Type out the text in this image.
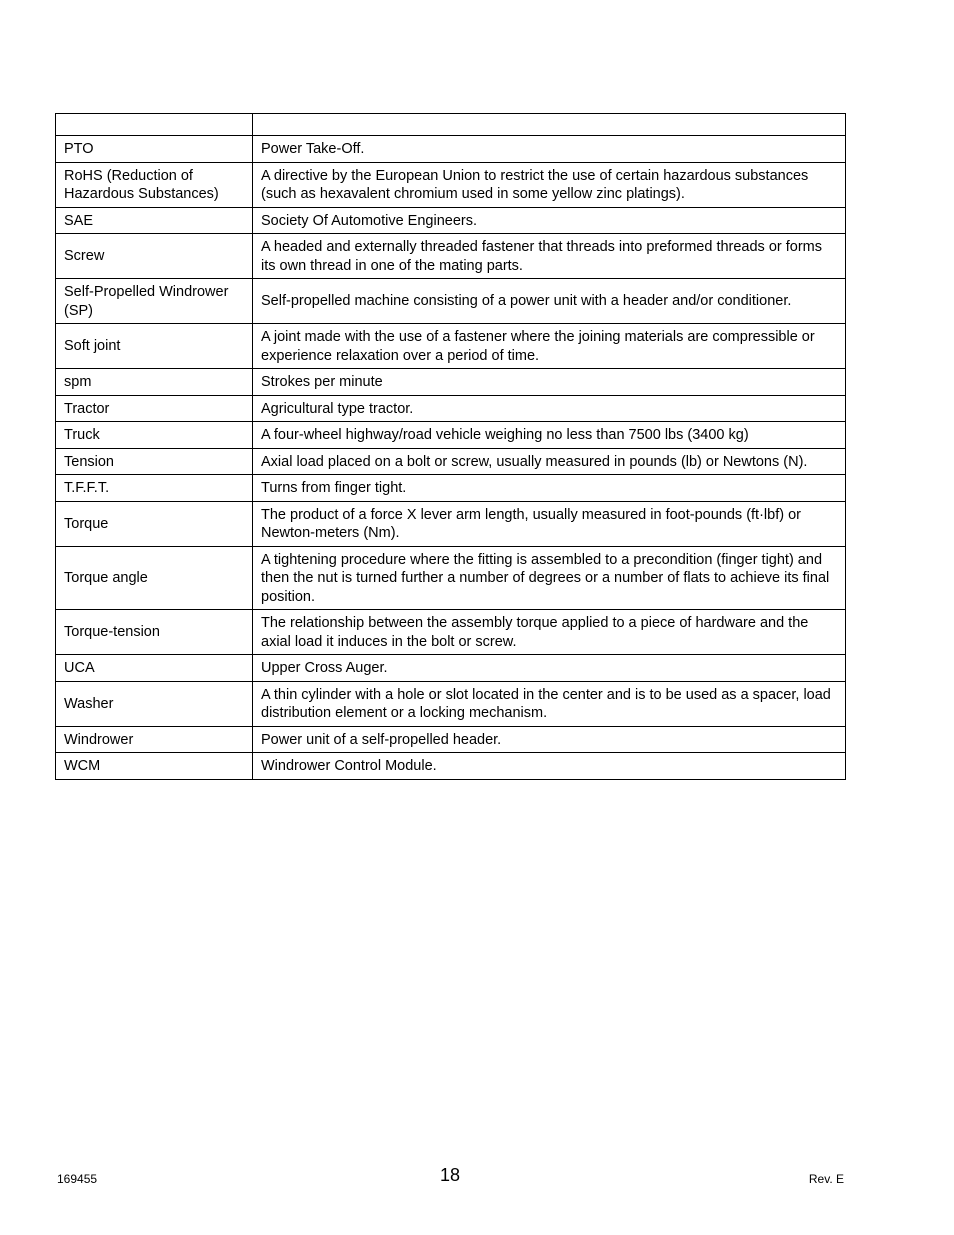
PTO	Power Take-Off.
RoHS (Reduction of Hazardous Substances)	A directive by the European Union to restrict the use of certain hazardous substances (such as hexavalent chromium used in some yellow zinc platings).
SAE	Society Of Automotive Engineers.
Screw	A headed and externally threaded fastener that threads into preformed threads or forms its own thread in one of the mating parts.
Self-Propelled Windrower (SP)	Self-propelled machine consisting of a power unit with a header and/or conditioner.
Soft joint	A joint made with the use of a fastener where the joining materials are compressible or experience relaxation over a period of time.
spm	Strokes per minute
Tractor	Agricultural type tractor.
Truck	A four-wheel highway/road vehicle weighing no less than 7500 lbs (3400 kg)
Tension	Axial load placed on a bolt or screw, usually measured in pounds (lb) or Newtons (N).
T.F.F.T.	Turns from finger tight.
Torque	The product of a force X lever arm length, usually measured in foot-pounds (ft·lbf) or Newton-meters (Nm).
Torque angle	A tightening procedure where the fitting is assembled to a precondition (finger tight) and then the nut is turned further a number of degrees or a number of flats to achieve its final position.
Torque-tension	The relationship between the assembly torque applied to a piece of hardware and the axial load it induces in the bolt or screw.
UCA	Upper Cross Auger.
Washer	A thin cylinder with a hole or slot located in the center and is to be used as a spacer, load distribution element or a locking mechanism.
Windrower	Power unit of a self-propelled header.
WCM	Windrower Control Module.
169455	18	Rev. E
